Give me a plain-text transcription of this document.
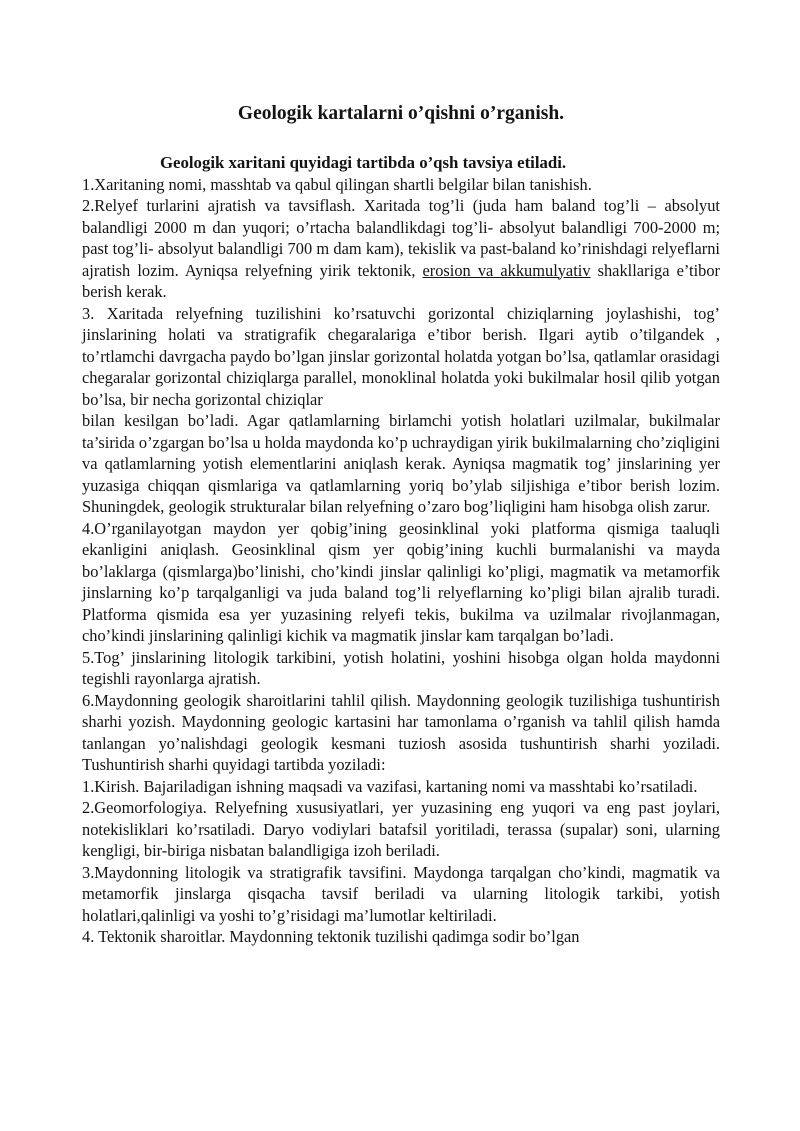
Geologik kartalarni o’qishni o’rganish.

Geologik xaritani quyidagi tartibda o’qsh tavsiya etiladi.

1.Xaritaning nomi, masshtab va qabul qilingan shartli belgilar bilan tanishish.

2.Relyef turlarini ajratish va tavsiflash. Xaritada tog’li (juda ham baland tog’li – absolyut balandligi 2000 m dan yuqori; o’rtacha balandlikdagi tog’li- absolyut balandligi 700-2000 m; past tog’li- absolyut balandligi 700 m dam kam), tekislik va past-baland ko’rinishdagi relyeflarni ajratish lozim. Ayniqsa relyefning yirik tektonik, erosion va akkumulyativ shakllariga e’tibor berish kerak.

3. Xaritada relyefning tuzilishini ko’rsatuvchi gorizontal chiziqlarning joylashishi, tog’ jinslarining holati va stratigrafik chegaralariga e’tibor berish. Ilgari aytib o’tilgandek , to’rtlamchi davrgacha paydo bo’lgan jinslar gorizontal holatda yotgan bo’lsa, qatlamlar orasidagi chegaralar gorizontal chiziqlarga parallel, monoklinal holatda yoki bukilmalar hosil qilib yotgan bo’lsa, bir necha gorizontal chiziqlar

bilan kesilgan bo’ladi. Agar qatlamlarning birlamchi yotish holatlari uzilmalar, bukilmalar ta’sirida o’zgargan bo’lsa u holda maydonda ko’p uchraydigan yirik bukilmalarning cho’ziqligini va qatlamlarning yotish elementlarini aniqlash kerak. Ayniqsa magmatik tog’ jinslarining yer yuzasiga chiqqan qismlariga va qatlamlarning yoriq bo’ylab siljishiga e’tibor berish lozim. Shuningdek, geologik strukturalar bilan relyefning o’zaro bog’liqligini ham hisobga olish zarur.

4.O’rganilayotgan maydon yer qobig’ining geosinklinal yoki platforma qismiga taaluqli ekanligini aniqlash. Geosinklinal qism yer qobig’ining kuchli burmalanishi va mayda bo’laklarga (qismlarga)bo’linishi, cho’kindi jinslar qalinligi ko’pligi, magmatik va metamorfik jinslarning ko’p tarqalganligi va juda baland tog’li relyeflarning ko’pligi bilan ajralib turadi. Platforma qismida esa yer yuzasining relyefi tekis, bukilma va uzilmalar rivojlanmagan, cho’kindi jinslarining qalinligi kichik va magmatik jinslar kam tarqalgan bo’ladi.

5.Tog’ jinslarining litologik tarkibini, yotish holatini, yoshini hisobga olgan holda maydonni tegishli rayonlarga ajratish.

6.Maydonning geologik sharoitlarini tahlil qilish. Maydonning geologik tuzilishiga tushuntirish sharhi yozish. Maydonning geologic kartasini har tamonlama o’rganish va tahlil qilish hamda tanlangan yo’nalishdagi geologik kesmani tuziosh asosida tushuntirish sharhi yoziladi. Tushuntirish sharhi quyidagi tartibda yoziladi:

1.Kirish. Bajariladigan ishning maqsadi va vazifasi, kartaning nomi va masshtabi ko’rsatiladi.

2.Geomorfologiya. Relyefning xususiyatlari, yer yuzasining eng yuqori va eng past joylari, notekisliklari ko’rsatiladi. Daryo vodiylari batafsil yoritiladi, terassa (supalar) soni, ularning kengligi, bir-biriga nisbatan balandligiga izoh beriladi.

3.Maydonning litologik va stratigrafik tavsifini. Maydonga tarqalgan cho’kindi, magmatik va metamorfik jinslarga qisqacha tavsif beriladi va ularning litologik tarkibi, yotish holatlari,qalinligi va yoshi to’g’risidagi ma’lumotlar keltiriladi.

4. Tektonik sharoitlar. Maydonning tektonik tuzilishi qadimga sodir bo’lgan
